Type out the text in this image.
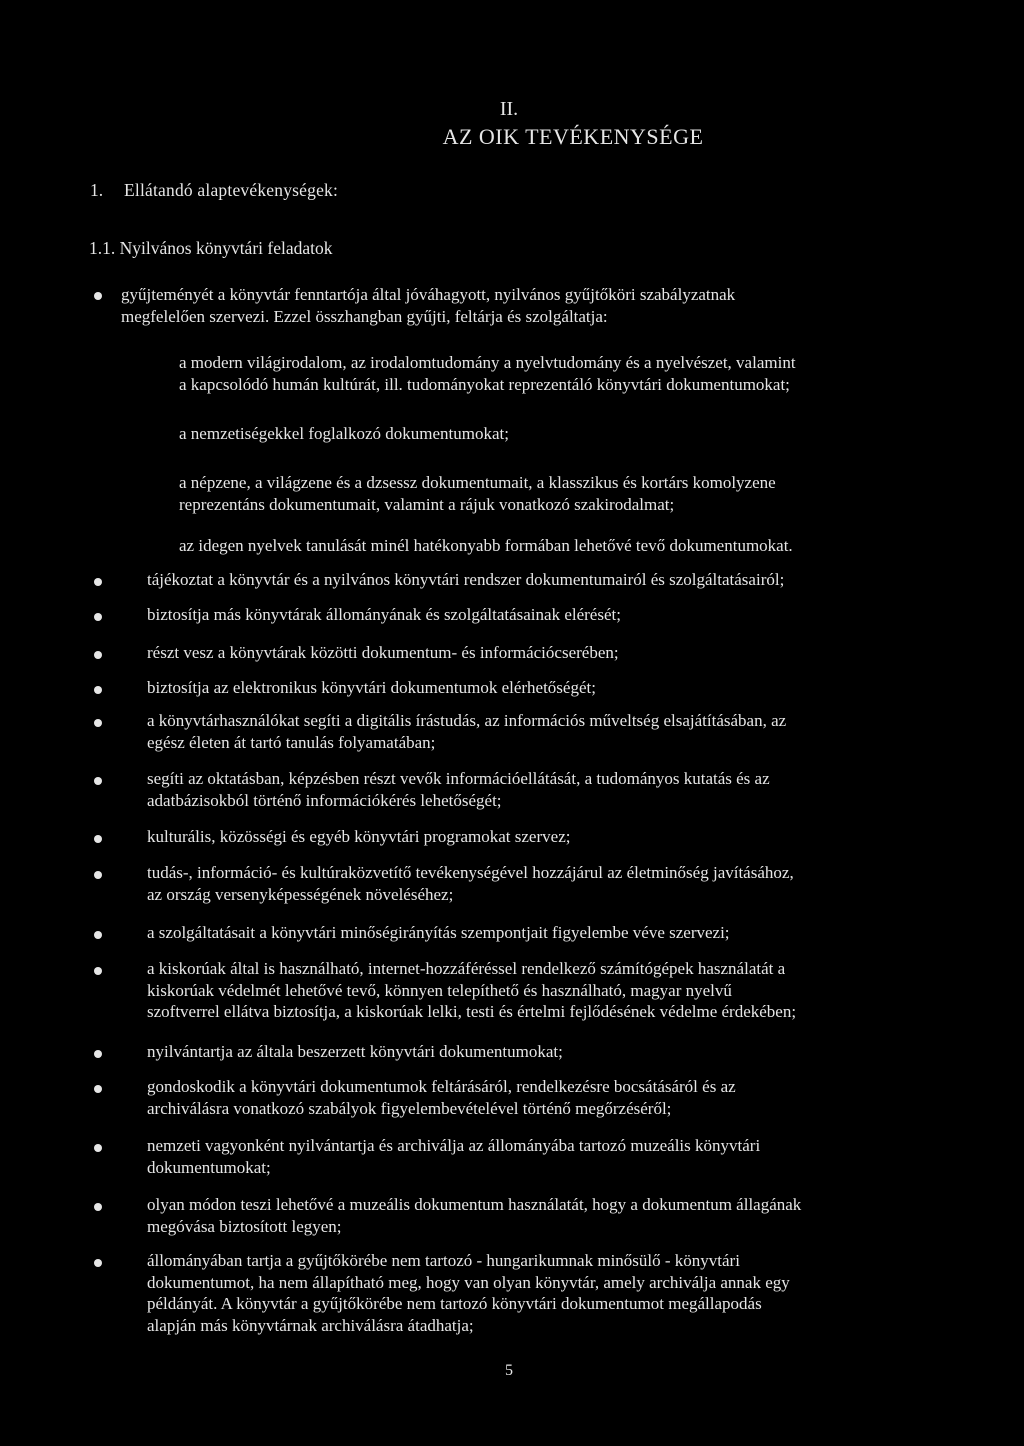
II.
AZ OIK TEVÉKENYSÉGE
1. Ellátandó alaptevékenységek:
1.1. Nyilvános könyvtári feladatok
gyűjteményét a könyvtár fenntartója által jóváhagyott, nyilvános gyűjtőköri szabályzatnak
megfelelően szervezi. Ezzel összhangban gyűjti, feltárja és szolgáltatja:
a modern világirodalom, az irodalomtudomány a nyelvtudomány és a nyelvészet, valamint
a kapcsolódó humán kultúrát, ill. tudományokat reprezentáló könyvtári dokumentumokat;
a nemzetiségekkel foglalkozó dokumentumokat;
a népzene, a világzene és a dzsessz dokumentumait, a klasszikus és kortárs komolyzene
reprezentáns dokumentumait, valamint a rájuk vonatkozó szakirodalmat;
az idegen nyelvek tanulását minél hatékonyabb formában lehetővé tevő dokumentumokat.
tájékoztat a könyvtár és a nyilvános könyvtári rendszer dokumentumairól és szolgáltatásairól;
biztosítja más könyvtárak állományának és szolgáltatásainak elérését;
részt vesz a könyvtárak közötti dokumentum- és információcserében;
biztosítja az elektronikus könyvtári dokumentumok elérhetőségét;
a könyvtárhasználókat segíti a digitális írástudás, az információs műveltség elsajátításában, az
egész életen át tartó tanulás folyamatában;
segíti az oktatásban, képzésben részt vevők információellátását, a tudományos kutatás és az
adatbázisokból történő információkérés lehetőségét;
kulturális, közösségi és egyéb könyvtári programokat szervez;
tudás-, információ- és kultúraközvetítő tevékenységével hozzájárul az életminőség javításához,
az ország versenyképességének növeléséhez;
a szolgáltatásait a könyvtári minőségirányítás szempontjait figyelembe véve szervezi;
a kiskorúak által is használható, internet-hozzáféréssel rendelkező számítógépek használatát a
kiskorúak védelmét lehetővé tevő, könnyen telepíthető és használható, magyar nyelvű
szoftverrel ellátva biztosítja, a kiskorúak lelki, testi és értelmi fejlődésének védelme érdekében;
nyilvántartja az általa beszerzett könyvtári dokumentumokat;
gondoskodik a könyvtári dokumentumok feltárásáról, rendelkezésre bocsátásáról és az
archiválásra vonatkozó szabályok figyelembevételével történő megőrzéséről;
nemzeti vagyonként nyilvántartja és archiválja az állományába tartozó muzeális könyvtári
dokumentumokat;
olyan módon teszi lehetővé a muzeális dokumentum használatát, hogy a dokumentum állagának
megóvása biztosított legyen;
állományában tartja a gyűjtőkörébe nem tartozó - hungarikumnak minősülő - könyvtári
dokumentumot, ha nem állapítható meg, hogy van olyan könyvtár, amely archiválja annak egy
példányát. A könyvtár a gyűjtőkörébe nem tartozó könyvtári dokumentumot megállapodás
alapján más könyvtárnak archiválásra átadhatja;
5
